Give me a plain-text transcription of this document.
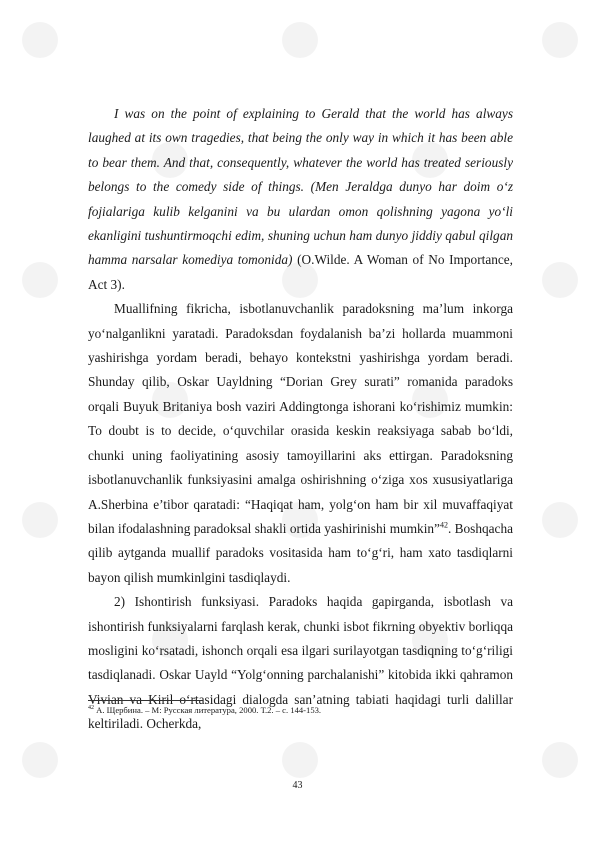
I was on the point of explaining to Gerald that the world has always laughed at its own tragedies, that being the only way in which it has been able to bear them. And that, consequently, whatever the world has treated seriously belongs to the comedy side of things. (Men Jeraldga dunyo har doim o‘z fojialariga kulib kelganini va bu ulardan omon qolishning yagona yo‘li ekanligini tushuntirmoqchi edim, shuning uchun ham dunyo jiddiy qabul qilgan hamma narsalar komediya tomonida) (O.Wilde. A Woman of No Importance, Act 3).

Muallifning fikricha, isbotlanuvchanlik paradoksning ma’lum inkorga yo‘nalganlikni yaratadi. Paradoksdan foydalanish ba’zi hollarda muammoni yashirishga yordam beradi, behayo kontekstni yashirishga yordam beradi. Shunday qilib, Oskar Uayldning “Dorian Grey surati” romanida paradoks orqali Buyuk Britaniya bosh vaziri Addingtonga ishorani ko‘rishimiz mumkin: To doubt is to decide, o‘quvchilar orasida keskin reaksiyaga sabab bo‘ldi, chunki uning faoliyatining asosiy tamoyillarini aks ettirgan. Paradoksning isbotlanuvchanlik funksiyasini amalga oshirishning o‘ziga xos xususiyatlariga A.Sherbina e’tibor qaratadi: “Haqiqat ham, yolg‘on ham bir xil muvaffaqiyat bilan ifodalashning paradoksal shakli ortida yashirinishi mumkin”$^{42}$. Boshqacha qilib aytganda muallif paradoks vositasida ham to‘g‘ri, ham xato tasdiqlarni bayon qilish mumkinlgini tasdiqlaydi.

2) Ishontirish funksiyasi. Paradoks haqida gapirganda, isbotlash va ishontirish funksiyalarni farqlash kerak, chunki isbot fikrning obyektiv borliqqa mosligini ko‘rsatadi, ishonch orqali esa ilgari surilayotgan tasdiqning to‘g‘riligi tasdiqlanadi. Oskar Uayld “Yolg‘onning parchalanishi” kitobida ikki qahramon Vivian va Kiril o‘rtasidagi dialogda san’atning tabiati haqidagi turli dalillar keltiriladi. Ocherkda,

$^{42}$ А. Щербина. – М: Русская литература, 2000. Т.2. – с. 144-153.
43
